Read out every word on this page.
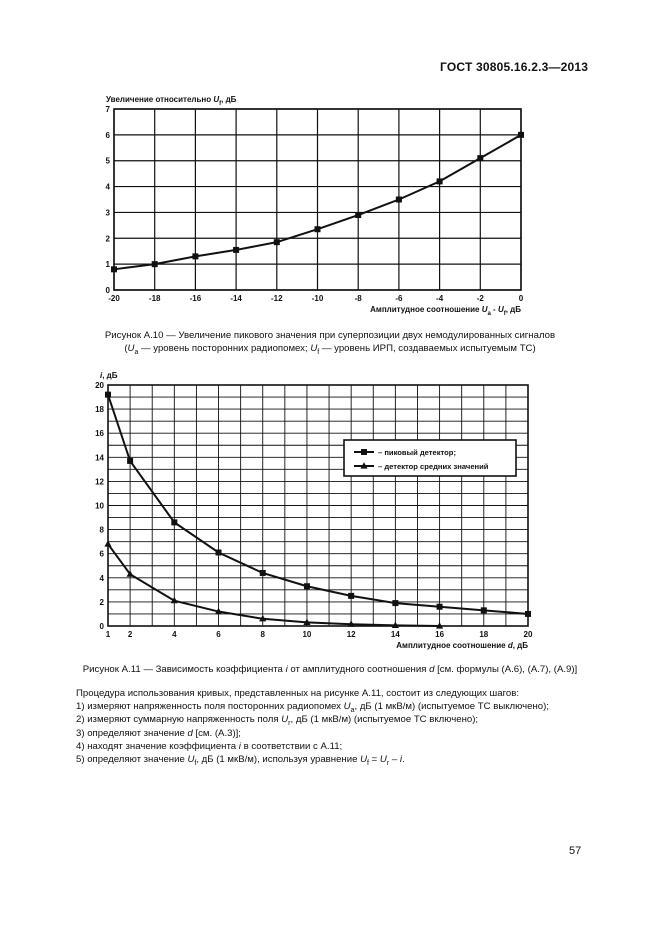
ГОСТ 30805.16.2.3—2013
-20	-18	-16	-14	-12	-10	-8	-6	-4	-2	0
0
1
2
3
4
5
6
7
Увеличение относительно $U_f$, дБ
Амплитудное соотношение $U_a - U_f$, дБ
1 2	4	6	8	10	12	14	16	18	20
0
2
4
6
8
10
12
14
16
18
20
i, дБ
Амплитудное соотношение d, дБ
– пиковый детектор;
– детектор средних значений
Рисунок А.10 — Увеличение пикового значения при суперпозиции двух немодулированных сигналов
($U_a$ — уровень посторонних радиопомех; $U_f$ — уровень ИРП, создаваемых испытуемым ТС)
Рисунок А.11 — Зависимость коэффициента i от амплитудного соотношения d [см. формулы (А.6), (А.7), (А.9)]
Процедура использования кривых, представленных на рисунке А.11, состоит из следующих шагов:
1) измеряют напряженность поля посторонних радиопомех $U_a$, дБ (1 мкВ/м) (испытуемое ТС выключено);
2) измеряют суммарную напряженность поля $U_r$, дБ (1 мкВ/м) (испытуемое ТС включено);
3) определяют значение d [см. (А.3)];
4) находят значение коэффициента i в соответствии с А.11;
5) определяют значение $U_f$, дБ (1 мкВ/м), используя уравнение $U_f = U_r - i$.
57
